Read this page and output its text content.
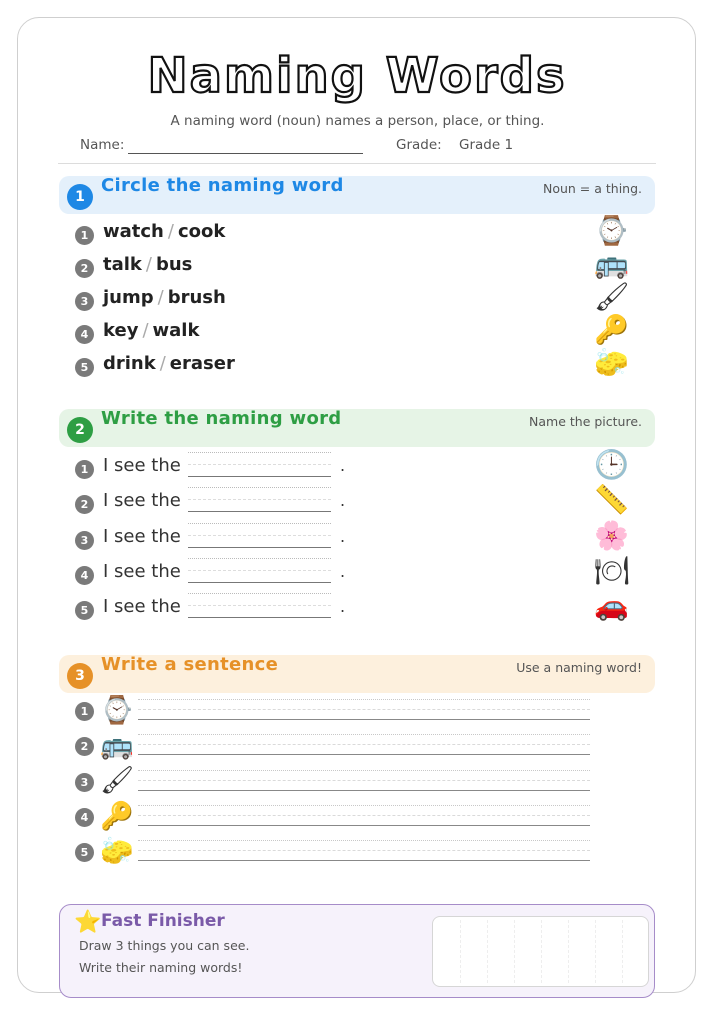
Naming Words
A naming word (noun) names a person, place, or thing.
Name:	Grade: Grade 1
1
Circle the naming word	Noun = a thing.
1 watch / cook
2 talk / bus
3 jump / brush
4 key / walk
5 drink / eraser
⌚
🚌
🖌
🔑
🧽
2
Write the naming word	Name the picture.
1 I see the	.
2 I see the	.
3 I see the	.
4 I see the	.
5 I see the	.
🕒
📏
🌸
🍽
🚗
3
Write a sentence	Use a naming word!
1 ⌚
2 🚌
3 🖌
4 🔑
5 🧽
⭐ Fast Finisher
Draw 3 things you can see.
Write their naming words!
